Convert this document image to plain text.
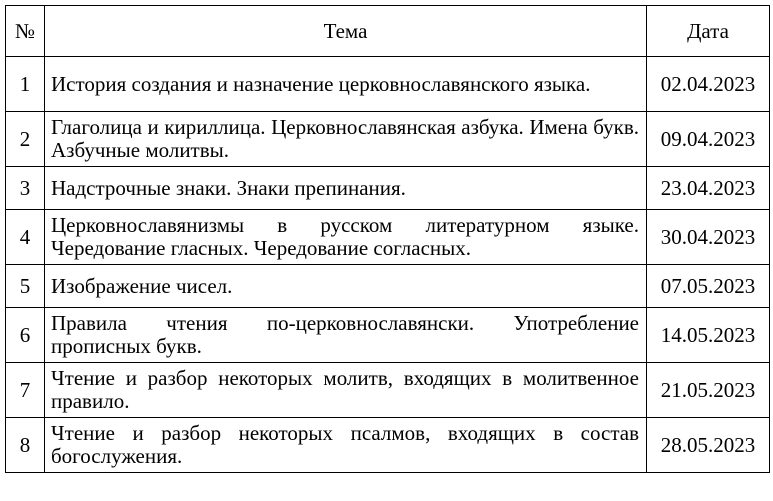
№	Тема	Дата
1	История создания и назначение церковнославянского языка.	02.04.2023
2	Глаголица и кириллица. Церковнославянская азбука. Имена букв. Азбучные молитвы.	09.04.2023
3	Надстрочные знаки. Знаки препинания.	23.04.2023
4	Церковнославянизмы в русском литературном языке. Чередование гласных. Чередование согласных.	30.04.2023
5	Изображение чисел.	07.05.2023
6	Правила чтения по-церковнославянски. Употребление прописных букв.	14.05.2023
7	Чтение и разбор некоторых молитв, входящих в молитвенное правило.	21.05.2023
8	Чтение и разбор некоторых псалмов, входящих в состав богослужения.	28.05.2023
